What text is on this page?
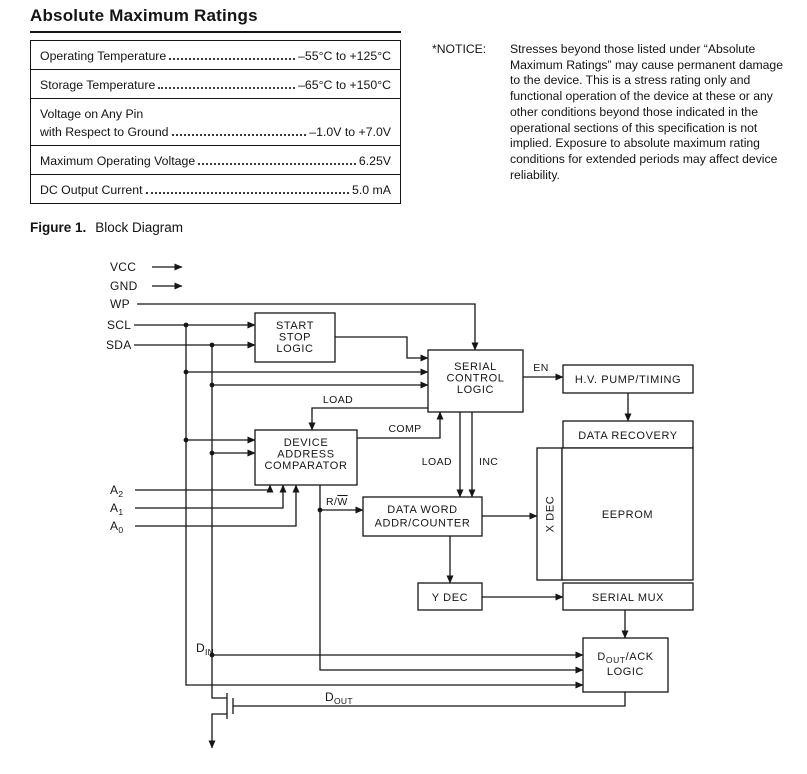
Absolute Maximum Ratings
Operating Temperature	–55°C to +125°C
Storage Temperature	–65°C to +150°C
Voltage on Any Pin
with Respect to Ground	–1.0V to +7.0V
Maximum Operating Voltage	6.25V
DC Output Current	5.0 mA
*NOTICE:	Stresses beyond those listed under “Absolute Maximum Ratings” may cause permanent damage to the device. This is a stress rating only and functional operation of the device at these or any other conditions beyond those indicated in the operational sections of this specification is not implied. Exposure to absolute maximum rating conditions for extended periods may affect device reliability.
Figure 1. Block Diagram
START
STOP
LOGIC
SERIAL
CONTROL
LOGIC
H.V. PUMP/TIMING
DATA RECOVERY
DEVICE
ADDRESS
COMPARATOR
DATA WORD
ADDR/COUNTER	X DEC	EEPROM
Y DEC	SERIAL MUX
$D_{OUT}$/ACK
LOGIC
VCC
GND
WP
SCL
SDA
$A_2$
$A_1$
$A_0$
$D_{IN}$
$D_{OUT}$
EN
LOAD
COMP
LOAD	INC
R/W
